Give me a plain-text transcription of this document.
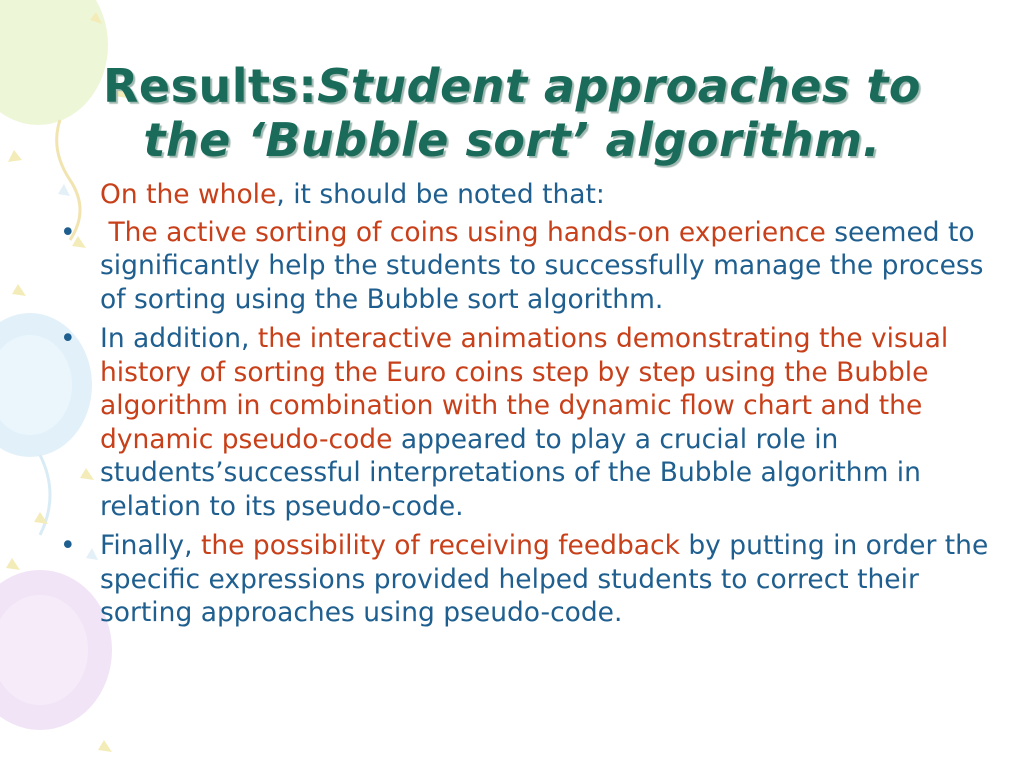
Results:Student approaches to
the ‘Bubble sort’ algorithm.

On the whole, it should be noted that:

• The active sorting of coins using hands-on experience seemed to significantly help the students to successfully manage the process of sorting using the Bubble sort algorithm.
• In addition, the interactive animations demonstrating the visual history of sorting the Euro coins step by step using the Bubble algorithm in combination with the dynamic flow chart and the dynamic pseudo-code appeared to play a crucial role in students’successful interpretations of the Bubble algorithm in relation to its pseudo-code.
• Finally, the possibility of receiving feedback by putting in order the specific expressions provided helped students to correct their sorting approaches using pseudo-code.
